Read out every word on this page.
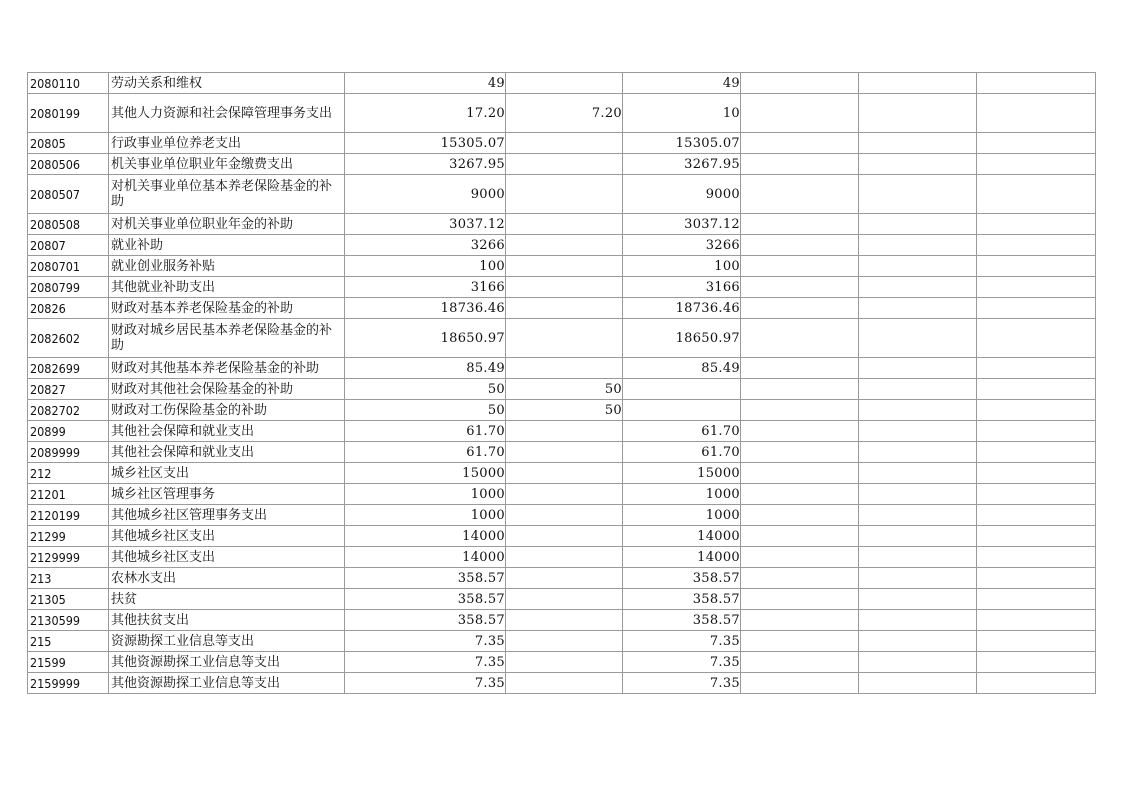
2080110	劳动关系和维权	49		49			
2080199	其他人力资源和社会保障管理事务支出	17.20	7.20	10			
20805	行政事业单位养老支出	15305.07		15305.07			
2080506	机关事业单位职业年金缴费支出	3267.95		3267.95			
2080507	对机关事业单位基本养老保险基金的补助	9000		9000			
2080508	对机关事业单位职业年金的补助	3037.12		3037.12			
20807	就业补助	3266		3266			
2080701	就业创业服务补贴	100		100			
2080799	其他就业补助支出	3166		3166			
20826	财政对基本养老保险基金的补助	18736.46		18736.46			
2082602	财政对城乡居民基本养老保险基金的补助	18650.97		18650.97			
2082699	财政对其他基本养老保险基金的补助	85.49		85.49			
20827	财政对其他社会保险基金的补助	50	50				
2082702	财政对工伤保险基金的补助	50	50				
20899	其他社会保障和就业支出	61.70		61.70			
2089999	其他社会保障和就业支出	61.70		61.70			
212	城乡社区支出	15000		15000			
21201	城乡社区管理事务	1000		1000			
2120199	其他城乡社区管理事务支出	1000		1000			
21299	其他城乡社区支出	14000		14000			
2129999	其他城乡社区支出	14000		14000			
213	农林水支出	358.57		358.57			
21305	扶贫	358.57		358.57			
2130599	其他扶贫支出	358.57		358.57			
215	资源勘探工业信息等支出	7.35		7.35			
21599	其他资源勘探工业信息等支出	7.35		7.35			
2159999	其他资源勘探工业信息等支出	7.35		7.35			
